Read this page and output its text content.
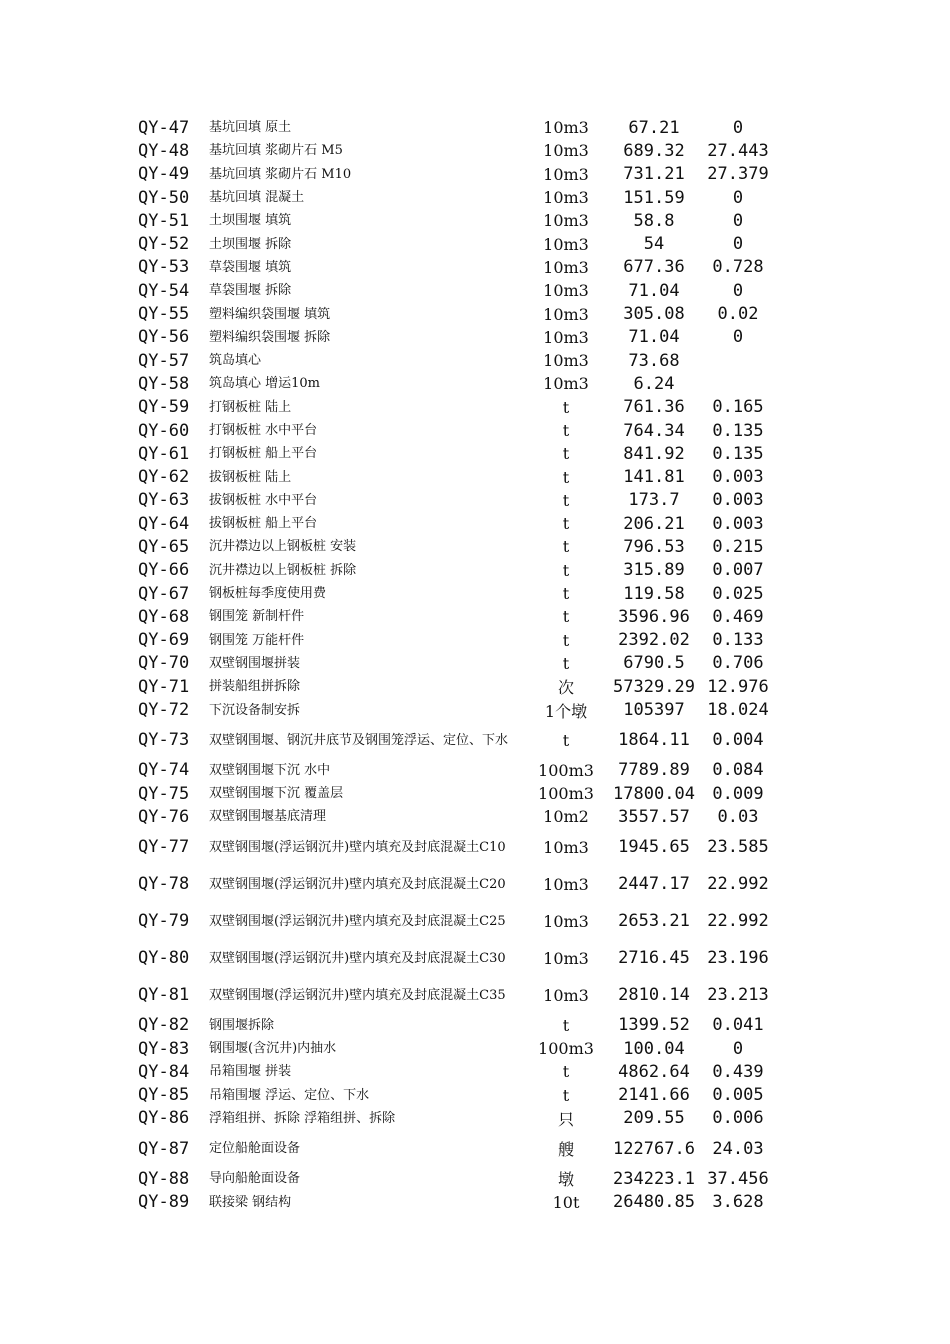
QY-47	基坑回填 原土	10m3	67.21	0
QY-48	基坑回填 浆砌片石 M5	10m3	689.32	27.443
QY-49	基坑回填 浆砌片石 M10	10m3	731.21	27.379
QY-50	基坑回填 混凝土	10m3	151.59	0
QY-51	土坝围堰 填筑	10m3	58.8	0
QY-52	土坝围堰 拆除	10m3	54	0
QY-53	草袋围堰 填筑	10m3	677.36	0.728
QY-54	草袋围堰 拆除	10m3	71.04	0
QY-55	塑料编织袋围堰 填筑	10m3	305.08	0.02
QY-56	塑料编织袋围堰 拆除	10m3	71.04	0
QY-57	筑岛填心	10m3	73.68
QY-58	筑岛填心 增运10m	10m3	6.24
QY-59	打钢板桩 陆上	t	761.36	0.165
QY-60	打钢板桩 水中平台	t	764.34	0.135
QY-61	打钢板桩 船上平台	t	841.92	0.135
QY-62	拔钢板桩 陆上	t	141.81	0.003
QY-63	拔钢板桩 水中平台	t	173.7	0.003
QY-64	拔钢板桩 船上平台	t	206.21	0.003
QY-65	沉井襟边以上钢板桩 安装	t	796.53	0.215
QY-66	沉井襟边以上钢板桩 拆除	t	315.89	0.007
QY-67	钢板桩每季度使用费	t	119.58	0.025
QY-68	钢围笼 新制杆件	t	3596.96	0.469
QY-69	钢围笼 万能杆件	t	2392.02	0.133
QY-70	双壁钢围堰拼装	t	6790.5	0.706
QY-71	拼装船组拼拆除	次	57329.29 12.976
QY-72	下沉设备制安拆	1个墩	105397	18.024
QY-73	双壁钢围堰、钢沉井底节及钢围笼浮运、定位、下水	t	1864.11	0.004
QY-74	双壁钢围堰下沉 水中	100m3	7789.89	0.084
QY-75	双壁钢围堰下沉 覆盖层	100m3	17800.04	0.009
QY-76	双壁钢围堰基底清理	10m2	3557.57	0.03
QY-77	双壁钢围堰(浮运钢沉井)壁内填充及封底混凝土C10	10m3	1945.65	23.585
QY-78	双壁钢围堰(浮运钢沉井)壁内填充及封底混凝土C20	10m3	2447.17	22.992
QY-79	双壁钢围堰(浮运钢沉井)壁内填充及封底混凝土C25	10m3	2653.21	22.992
QY-80	双壁钢围堰(浮运钢沉井)壁内填充及封底混凝土C30	10m3	2716.45	23.196
QY-81	双壁钢围堰(浮运钢沉井)壁内填充及封底混凝土C35	10m3	2810.14	23.213
QY-82	钢围堰拆除	t	1399.52	0.041
QY-83	钢围堰(含沉井)内抽水	100m3	100.04	0
QY-84	吊箱围堰 拼装	t	4862.64	0.439
QY-85	吊箱围堰 浮运、定位、下水	t	2141.66	0.005
QY-86	浮箱组拼、拆除 浮箱组拼、拆除	只	209.55	0.006
QY-87	定位船舱面设备	艘	122767.6	24.03
QY-88	导向船舱面设备	墩	234223.1 37.456
QY-89	联接梁 钢结构	10t	26480.85	3.628
